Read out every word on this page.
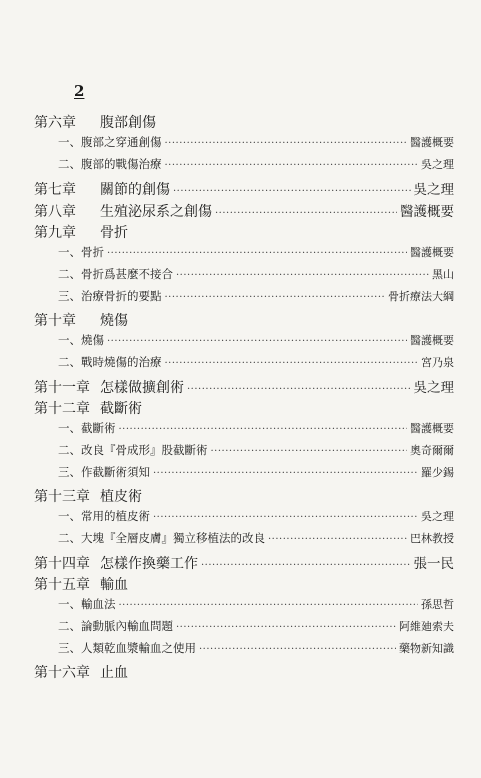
2
第六章	腹部創傷
一、 腹部之穿通創傷 ·····	醫護概要
二、 腹部的戰傷治療 ·····	吳之理
第七章	關節的創傷 ·····	吳之理
第八章	生殖泌尿系之創傷 ·····	醫護概要
第九章	骨折
一、 骨折 ·····	醫護概要
二、 骨折爲甚麼不接合 ·····	黑山
三、 治療骨折的要點 ·····	骨折療法大綱
第十章	燒傷
一、 燒傷 ·····	醫護概要
二、 戰時燒傷的治療 ·····	宮乃泉
第十一章 怎樣做擴創術 ·····	吳之理
第十二章 截斷術
一、 截斷術 ·····	醫護概要
二、 改良『骨成形』股截斷術 ·····	奧奇爾爾
三、 作截斷術須知 ·····	羅少錫
第十三章 植皮術
一、 常用的植皮術 ·····	吳之理
二、 大塊『全層皮膚』獨立移植法的改良 ·····	巴林教授
第十四章 怎樣作換藥工作 ·····	張一民
第十五章 輸血
一、 輸血法 ·····	孫思哲
二、 論動脈內輸血問題 ·····	阿維廸索夫
三、 人類乾血漿輸血之使用 ·····	藥物新知識
第十六章 止血
